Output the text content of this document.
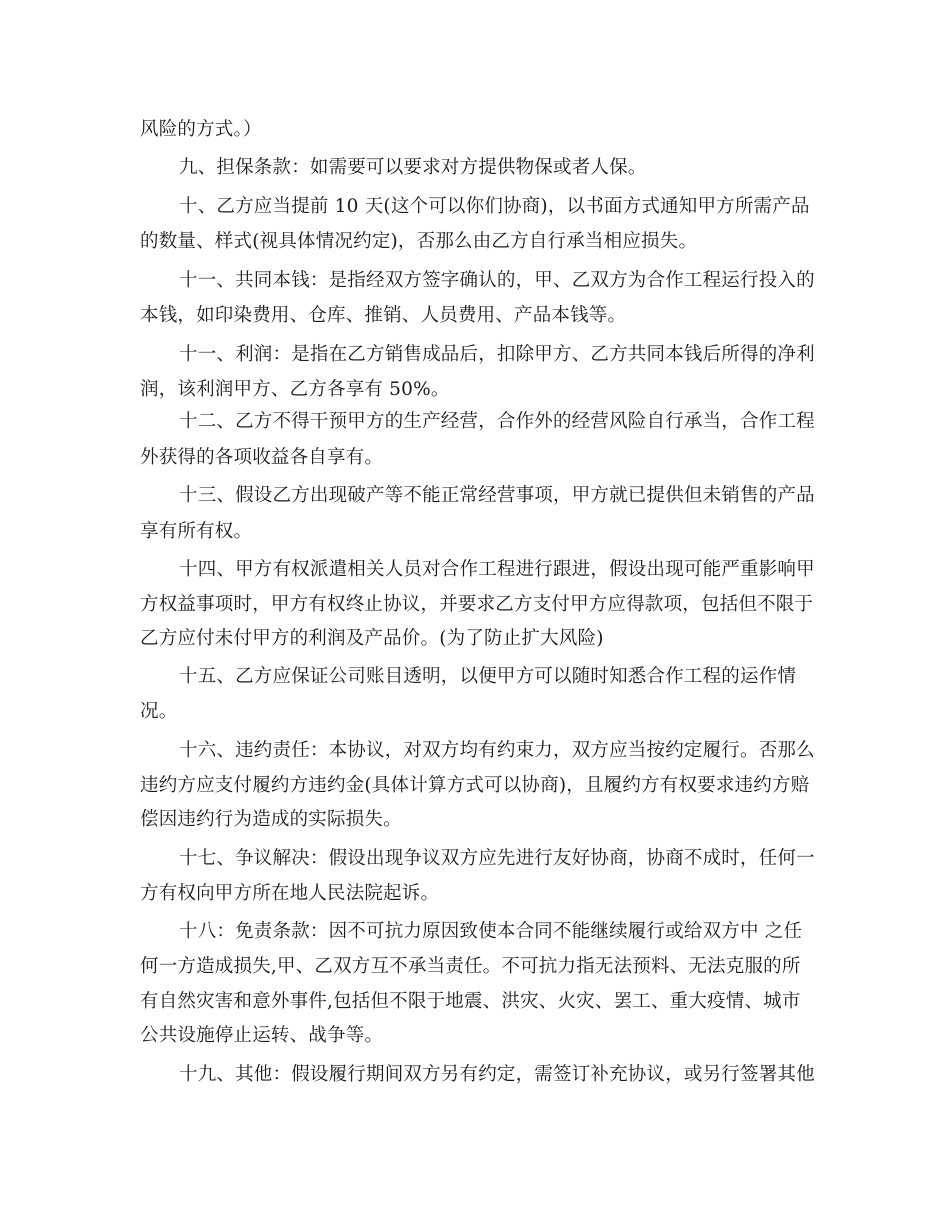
风险的方式。）
九、担保条款：如需要可以要求对方提供物保或者人保。
十、乙方应当提前 10 天(这个可以你们协商)，以书面方式通知甲方所需产品
的数量、样式(视具体情况约定)，否那么由乙方自行承当相应损失。
十一、共同本钱：是指经双方签字确认的，甲、乙双方为合作工程运行投入的
本钱，如印染费用、仓库、推销、人员费用、产品本钱等。
十一、利润：是指在乙方销售成品后，扣除甲方、乙方共同本钱后所得的净利
润，该利润甲方、乙方各享有 50%。
十二、乙方不得干预甲方的生产经营，合作外的经营风险自行承当，合作工程
外获得的各项收益各自享有。
十三、假设乙方出现破产等不能正常经营事项，甲方就已提供但未销售的产品
享有所有权。
十四、甲方有权派遣相关人员对合作工程进行跟进，假设出现可能严重影响甲
方权益事项时，甲方有权终止协议，并要求乙方支付甲方应得款项，包括但不限于
乙方应付未付甲方的利润及产品价。(为了防止扩大风险)
十五、乙方应保证公司账目透明，以便甲方可以随时知悉合作工程的运作情
况。
十六、违约责任：本协议，对双方均有约束力，双方应当按约定履行。否那么
违约方应支付履约方违约金(具体计算方式可以协商)，且履约方有权要求违约方赔
偿因违约行为造成的实际损失。
十七、争议解决：假设出现争议双方应先进行友好协商，协商不成时，任何一
方有权向甲方所在地人民法院起诉。
十八：免责条款：因不可抗力原因致使本合同不能继续履行或给双方中 之任
何一方造成损失,甲、乙双方互不承当责任。不可抗力指无法预料、无法克服的所
有自然灾害和意外事件,包括但不限于地震、洪灾、火灾、罢工、重大疫情、城市
公共设施停止运转、战争等。
十九、其他：假设履行期间双方另有约定，需签订补充协议，或另行签署其他
